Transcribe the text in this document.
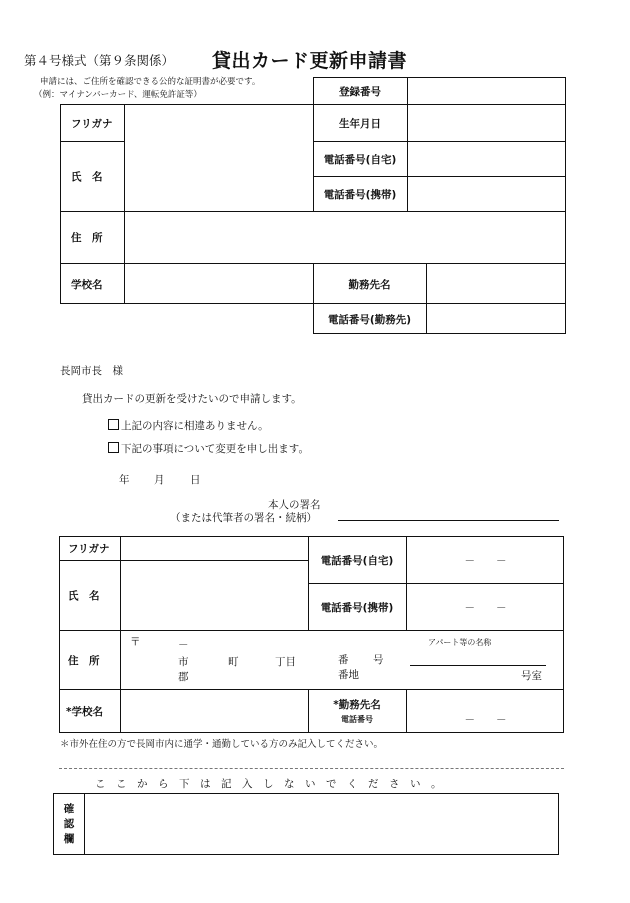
第４号様式（第９条関係） 貸出カード更新申請書
申請には、ご住所を確認できる公的な証明書が必要です。
（例：マイナンバーカード、運転免許証等）	登録番号
フリガナ	生年月日
氏　名
電話番号(自宅)
電話番号(携帯)
住　所
学校名	勤務先名
電話番号(勤務先)
長岡市長　様
貸出カードの更新を受けたいので申請します。
上記の内容に相違ありません。
下記の事項について変更を申し出ます。
年 月 日
本人の署名
（または代筆者の署名・続柄）
フリガナ
氏　名
電話番号(自宅)	－　　－
電話番号(携帯)	－　　－
住　所
〒	－
市
郡
町	丁目	番 号
番地
アパート等の名称
号室
*学校名
*勤務先名
電話番号	－　　－
＊市外在住の方で長岡市内に通学・通勤している方のみ記入してください。
こ　こ　か　ら　下　は　記　入　し　な　い　で　く　だ　さ　い　。
確
認
欄
